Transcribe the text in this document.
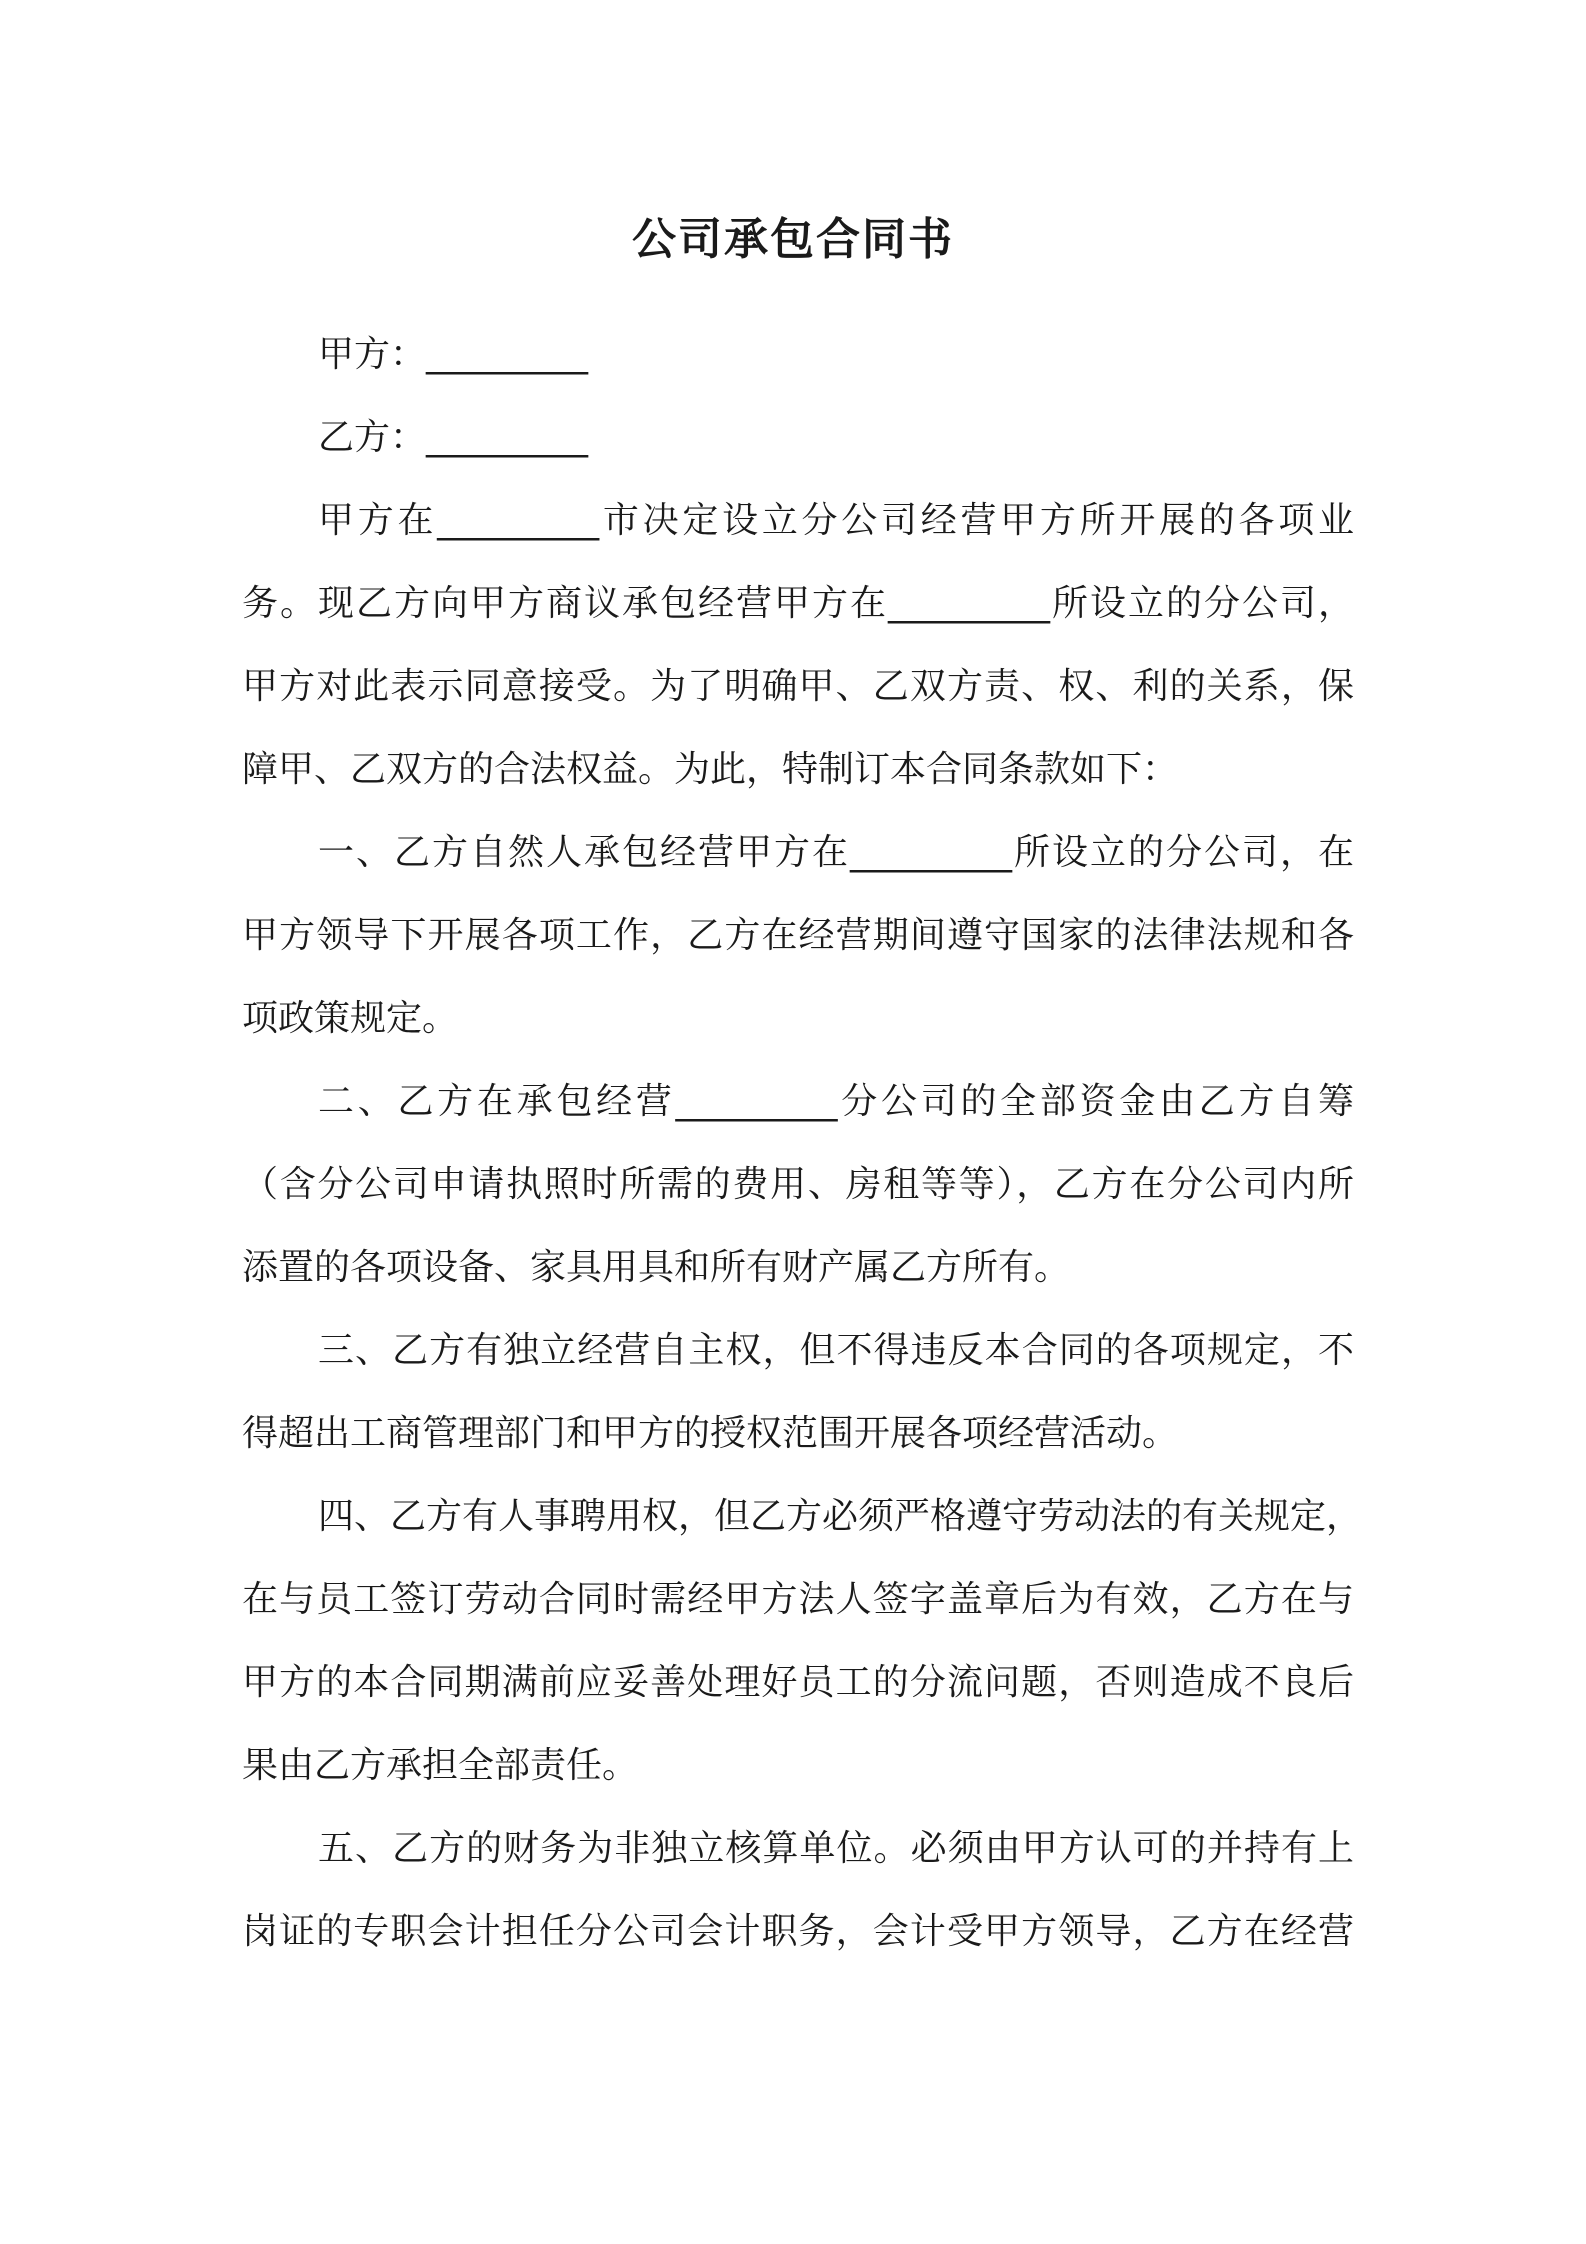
公司承包合同书
甲方：_________
乙方：_________
甲方在_________市决定设立分公司经营甲方所开展的各项业
务。现乙方向甲方商议承包经营甲方在_________所设立的分公司，
甲方对此表示同意接受。为了明确甲、乙双方责、权、利的关系，保
障甲、乙双方的合法权益。为此，特制订本合同条款如下：
一、乙方自然人承包经营甲方在_________所设立的分公司，在
甲方领导下开展各项工作，乙方在经营期间遵守国家的法律法规和各
项政策规定。
二、乙方在承包经营_________分公司的全部资金由乙方自筹
（含分公司申请执照时所需的费用、房租等等），乙方在分公司内所
添置的各项设备、家具用具和所有财产属乙方所有。
三、乙方有独立经营自主权，但不得违反本合同的各项规定，不
得超出工商管理部门和甲方的授权范围开展各项经营活动。
四、乙方有人事聘用权，但乙方必须严格遵守劳动法的有关规定，
在与员工签订劳动合同时需经甲方法人签字盖章后为有效，乙方在与
甲方的本合同期满前应妥善处理好员工的分流问题，否则造成不良后
果由乙方承担全部责任。
五、乙方的财务为非独立核算单位。必须由甲方认可的并持有上
岗证的专职会计担任分公司会计职务，会计受甲方领导，乙方在经营
